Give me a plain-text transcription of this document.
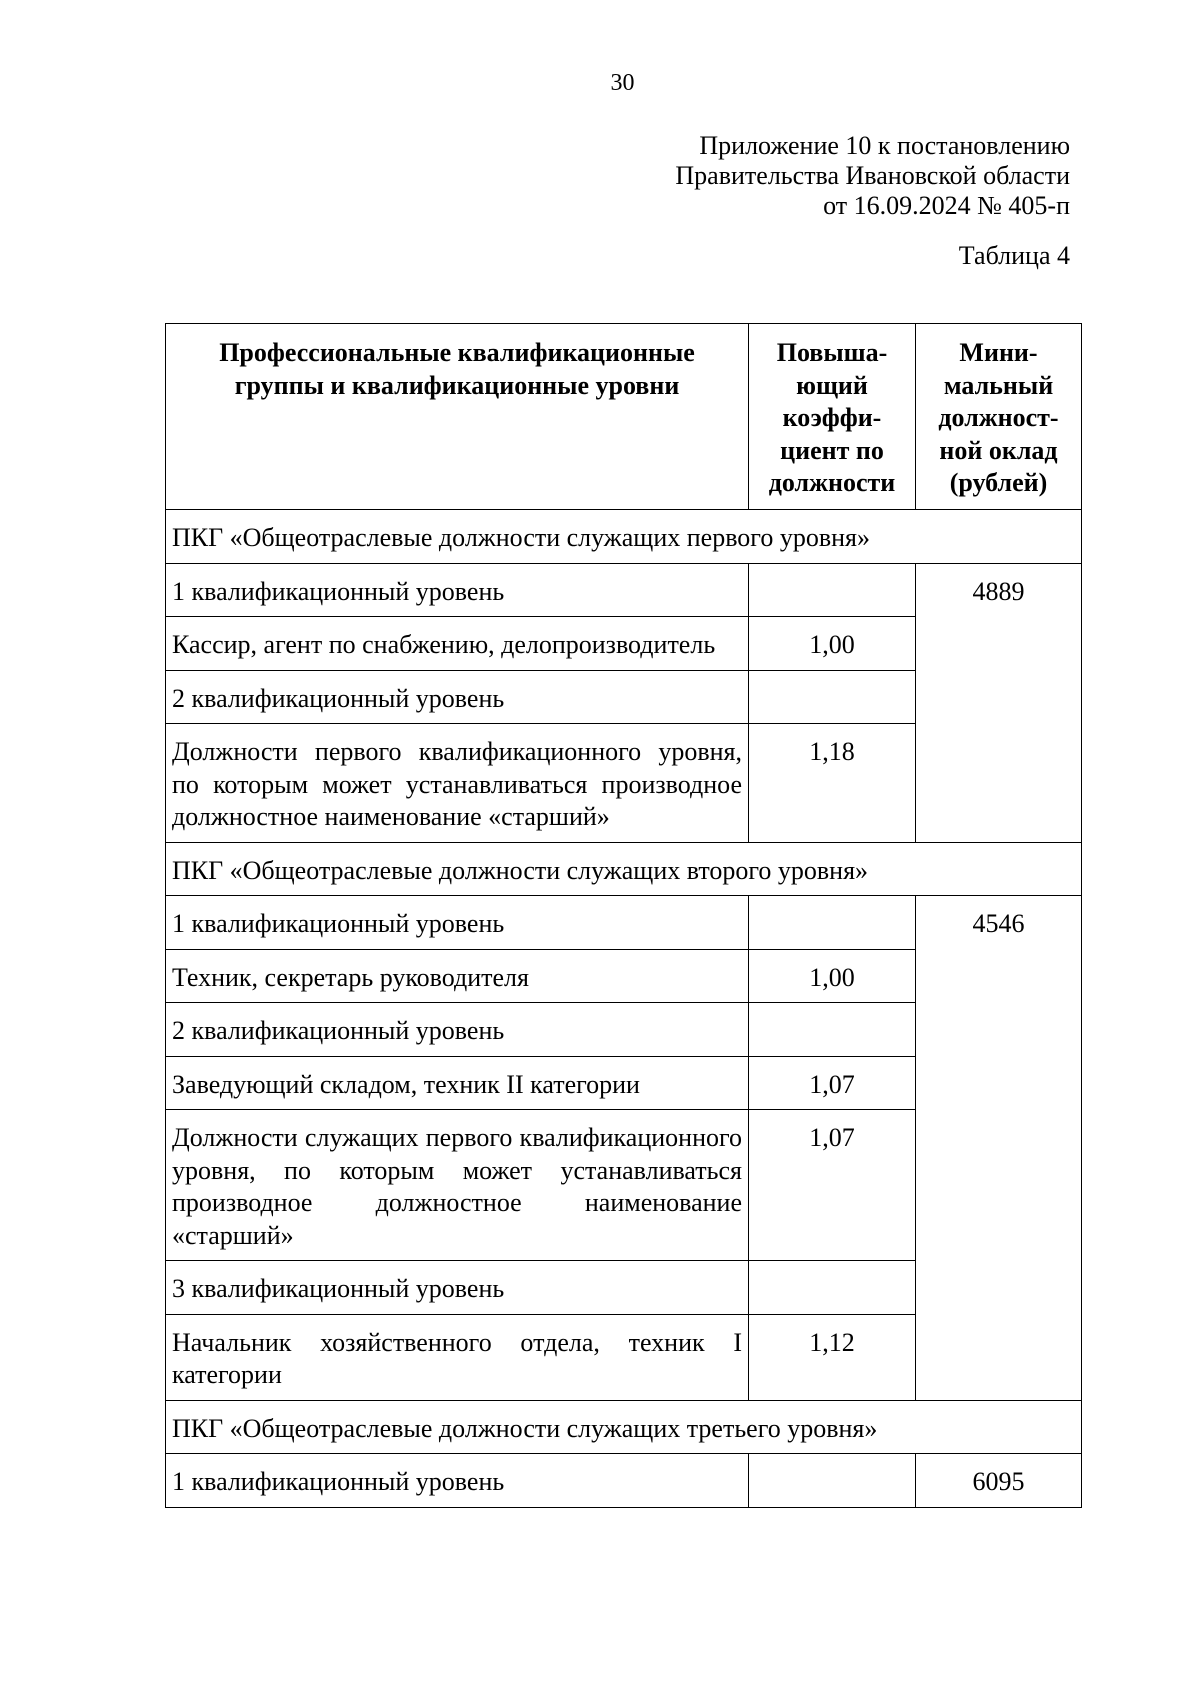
30
Приложение 10 к постановлению
Правительства Ивановской области
от 16.09.2024 № 405-п
Таблица 4
Профессиональные квалификационные группы и квалификационные уровни	Повыша-ющий коэффи-циент по должности	Мини-мальный должност-ной оклад (рублей)
ПКГ «Общеотраслевые должности служащих первого уровня»		
1 квалификационный уровень		4889
Кассир, агент по снабжению, делопроизводитель	1,00	
2 квалификационный уровень		
Должности первого квалификационного уровня, по которым может устанавливаться производное должностное наименование «старший»	1,18	
ПКГ «Общеотраслевые должности служащих второго уровня»		
1 квалификационный уровень		4546
Техник, секретарь руководителя	1,00	
2 квалификационный уровень		
Заведующий складом, техник II категории	1,07	
Должности служащих первого квалификационного уровня, по которым может устанавливаться производное должностное наименование «старший»	1,07	
3 квалификационный уровень		
Начальник хозяйственного отдела, техник I категории	1,12	
ПКГ «Общеотраслевые должности служащих третьего уровня»		
1 квалификационный уровень		6095
